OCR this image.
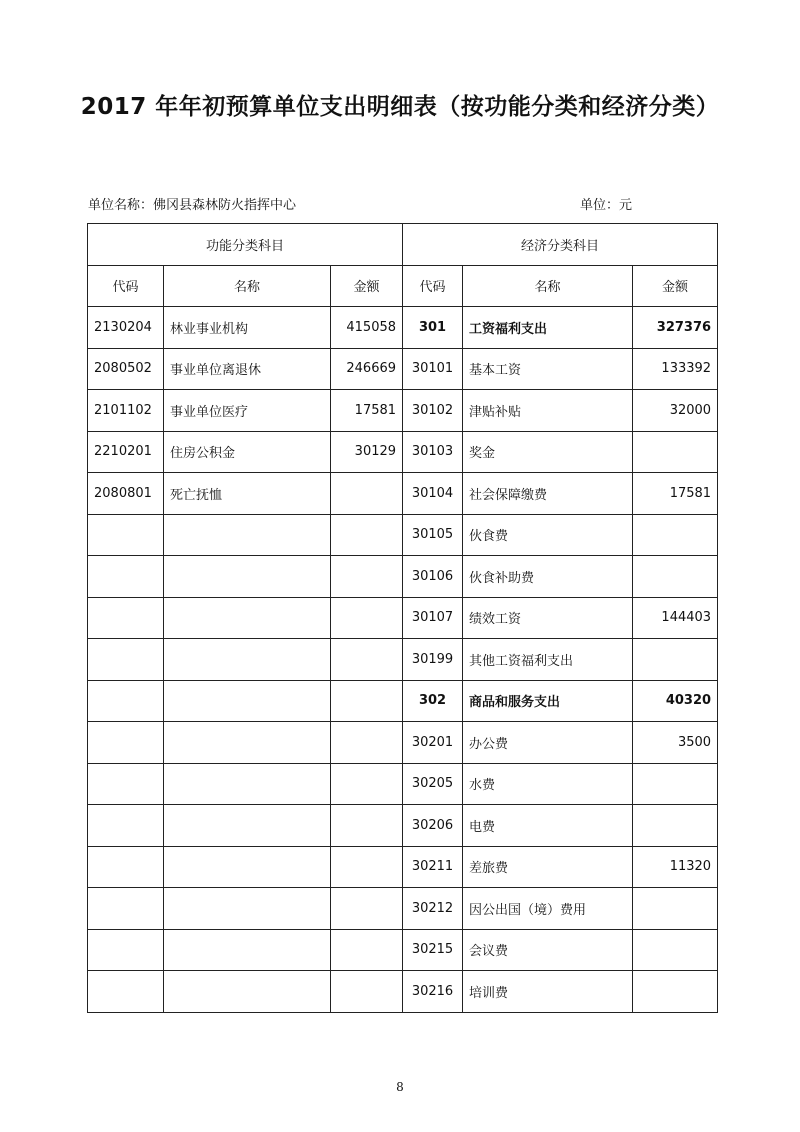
2017 年年初预算单位支出明细表（按功能分类和经济分类）
单位名称：佛冈县森林防火指挥中心	单位：元
功能分类科目			经济分类科目		
代码	名称	金额	代码	名称	金额
2130204	林业事业机构	415058	301	工资福利支出	327376
2080502	事业单位离退休	246669	30101	基本工资	133392
2101102	事业单位医疗	17581	30102	津贴补贴	32000
2210201	住房公积金	30129	30103	奖金	
2080801	死亡抚恤		30104	社会保障缴费	17581
			30105	伙食费	
			30106	伙食补助费	
			30107	绩效工资	144403
			30199	其他工资福利支出	
			302	商品和服务支出	40320
			30201	办公费	3500
			30205	水费	
			30206	电费	
			30211	差旅费	11320
			30212	因公出国（境）费用	
			30215	会议费	
			30216	培训费	
8
